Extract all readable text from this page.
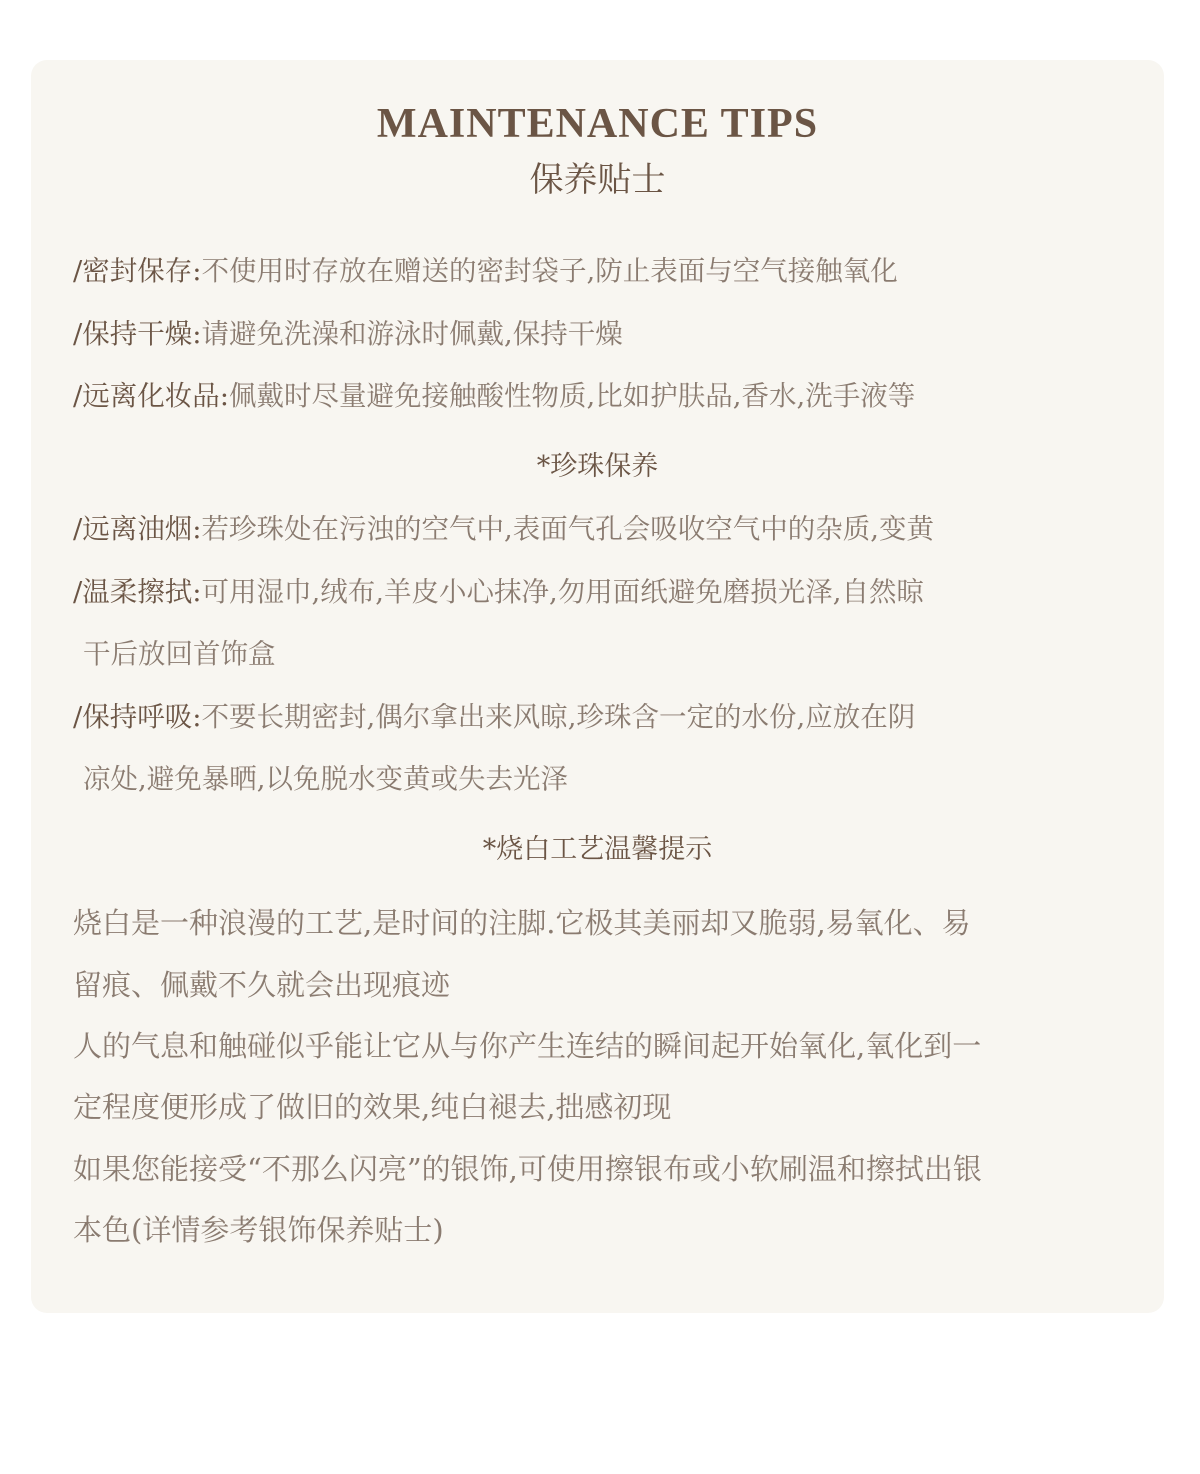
MAINTENANCE TIPS
保养贴士
/密封保存:不使用时存放在赠送的密封袋子,防止表面与空气接触氧化
/保持干燥:请避免洗澡和游泳时佩戴,保持干燥
/远离化妆品:佩戴时尽量避免接触酸性物质,比如护肤品,香水,洗手液等
*珍珠保养
/远离油烟:若珍珠处在污浊的空气中,表面气孔会吸收空气中的杂质,变黄
/温柔擦拭:可用湿巾,绒布,羊皮小心抹净,勿用面纸避免磨损光泽,自然晾
干后放回首饰盒
/保持呼吸:不要长期密封,偶尔拿出来风晾,珍珠含一定的水份,应放在阴
凉处,避免暴晒,以免脱水变黄或失去光泽
*烧白工艺温馨提示
烧白是一种浪漫的工艺,是时间的注脚.它极其美丽却又脆弱,易氧化、易
留痕、佩戴不久就会出现痕迹
人的气息和触碰似乎能让它从与你产生连结的瞬间起开始氧化,氧化到一
定程度便形成了做旧的效果,纯白褪去,拙感初现
如果您能接受“不那么闪亮”的银饰,可使用擦银布或小软刷温和擦拭出银
本色(详情参考银饰保养贴士)
